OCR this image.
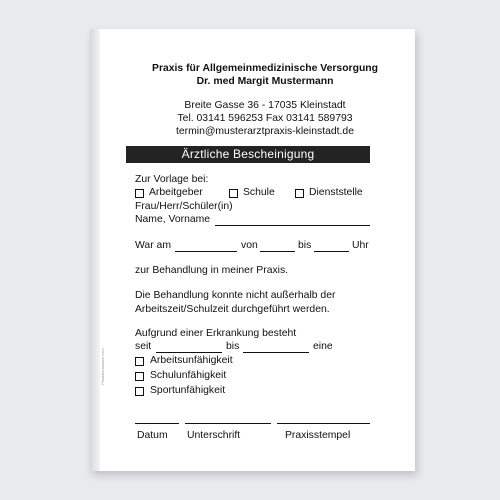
Praxisformulare.com
Praxis für Allgemeinmedizinische Versorgung
Dr. med Margit Mustermann
Breite Gasse 36 - 17035 Kleinstadt
Tel. 03141 596253 Fax 03141 589793
termin@musterarztpraxis-kleinstadt.de
Ärztliche Bescheinigung
Zur Vorlage bei:
Arbeitgeber	Schule	Dienststelle
Frau/Herr/Schüler(in)
Name, Vorname
War am	von	bis	Uhr
zur Behandlung in meiner Praxis.
Die Behandlung konnte nicht außerhalb der
Arbeitszeit/Schulzeit durchgeführt werden.
Aufgrund einer Erkrankung besteht
seit	bis	eine
Arbeitsunfähigkeit
Schulunfähigkeit
Sportunfähigkeit
Datum Unterschrift	Praxisstempel
